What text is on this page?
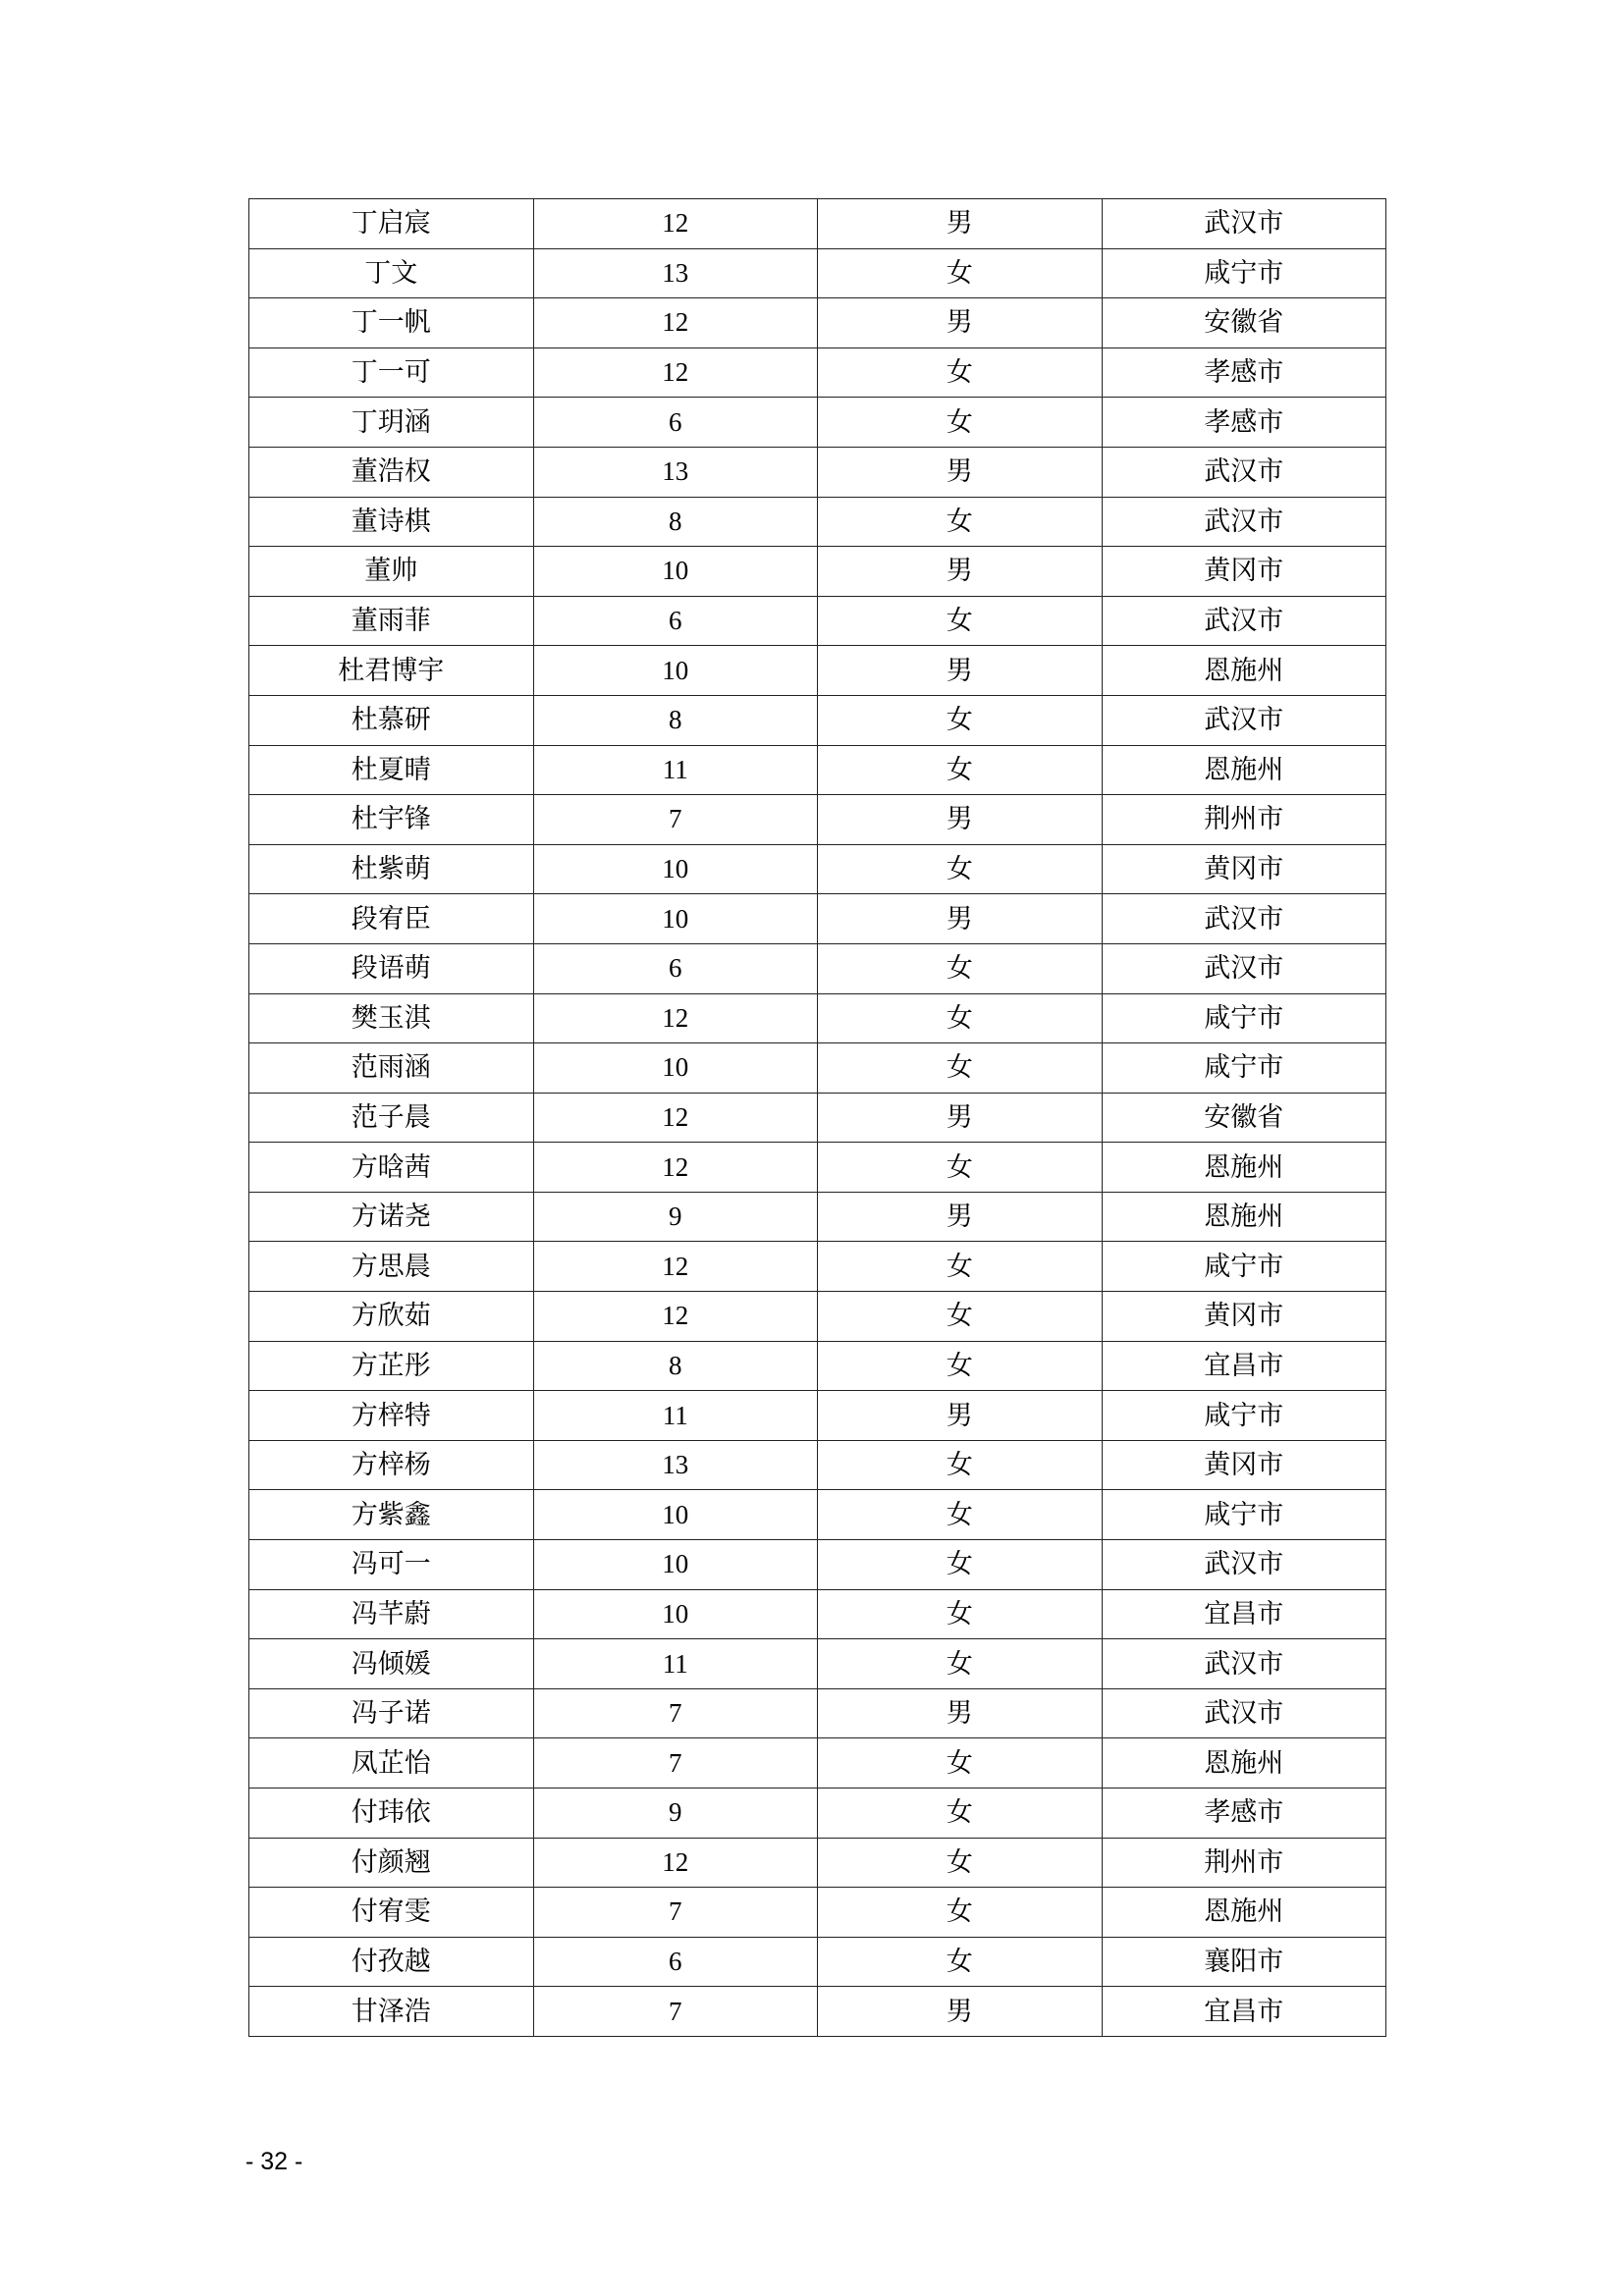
丁启宸	12	男	武汉市
丁文	13	女	咸宁市
丁一帆	12	男	安徽省
丁一可	12	女	孝感市
丁玥涵	6	女	孝感市
董浩权	13	男	武汉市
董诗棋	8	女	武汉市
董帅	10	男	黄冈市
董雨菲	6	女	武汉市
杜君博宇	10	男	恩施州
杜慕研	8	女	武汉市
杜夏晴	11	女	恩施州
杜宇锋	7	男	荆州市
杜紫萌	10	女	黄冈市
段宥臣	10	男	武汉市
段语萌	6	女	武汉市
樊玉淇	12	女	咸宁市
范雨涵	10	女	咸宁市
范子晨	12	男	安徽省
方晗茜	12	女	恩施州
方诺尧	9	男	恩施州
方思晨	12	女	咸宁市
方欣茹	12	女	黄冈市
方芷彤	8	女	宜昌市
方梓特	11	男	咸宁市
方梓杨	13	女	黄冈市
方紫鑫	10	女	咸宁市
冯可一	10	女	武汉市
冯芊蔚	10	女	宜昌市
冯倾媛	11	女	武汉市
冯子诺	7	男	武汉市
凤芷怡	7	女	恩施州
付玮依	9	女	孝感市
付颜翘	12	女	荆州市
付宥雯	7	女	恩施州
付孜越	6	女	襄阳市
甘泽浩	7	男	宜昌市
- 32 -
